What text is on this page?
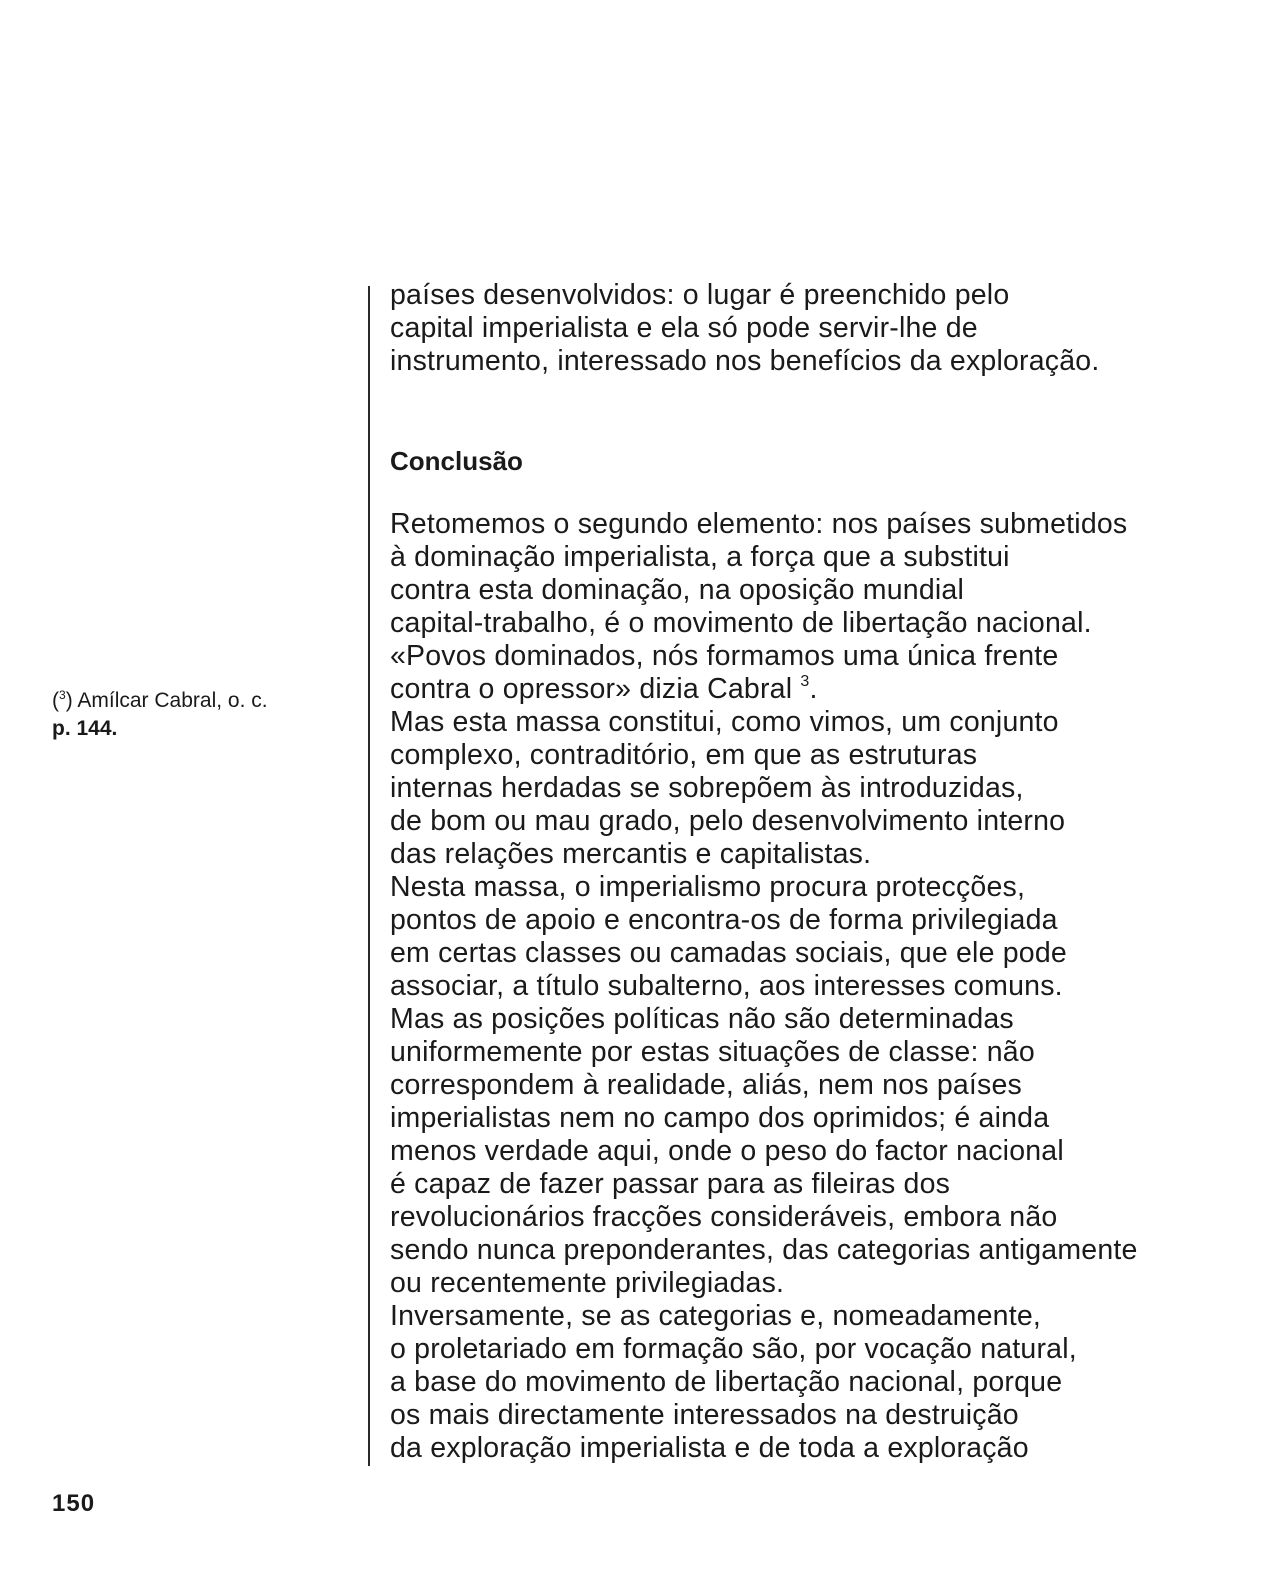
países desenvolvidos: o lugar é preenchido pelo
capital imperialista e ela só pode servir-lhe de
instrumento, interessado nos benefícios da exploração.
Conclusão
Retomemos o segundo elemento: nos países submetidos
à dominação imperialista, a força que a substitui
contra esta dominação, na oposição mundial
capital-trabalho, é o movimento de libertação nacional.
«Povos dominados, nós formamos uma única frente
contra o opressor» dizia Cabral $^3$.
Mas esta massa constitui, como vimos, um conjunto
complexo, contraditório, em que as estruturas
internas herdadas se sobrepõem às introduzidas,
de bom ou mau grado, pelo desenvolvimento interno
das relações mercantis e capitalistas.
Nesta massa, o imperialismo procura protecções,
pontos de apoio e encontra-os de forma privilegiada
em certas classes ou camadas sociais, que ele pode
associar, a título subalterno, aos interesses comuns.
Mas as posições políticas não são determinadas
uniformemente por estas situações de classe: não
correspondem à realidade, aliás, nem nos países
imperialistas nem no campo dos oprimidos; é ainda
menos verdade aqui, onde o peso do factor nacional
é capaz de fazer passar para as fileiras dos
revolucionários fracções consideráveis, embora não
sendo nunca preponderantes, das categorias antigamente
ou recentemente privilegiadas.
Inversamente, se as categorias e, nomeadamente,
o proletariado em formação são, por vocação natural,
a base do movimento de libertação nacional, porque
os mais directamente interessados na destruição
da exploração imperialista e de toda a exploração
($^3$) Amílcar Cabral, o. c.
p. 144.
150
